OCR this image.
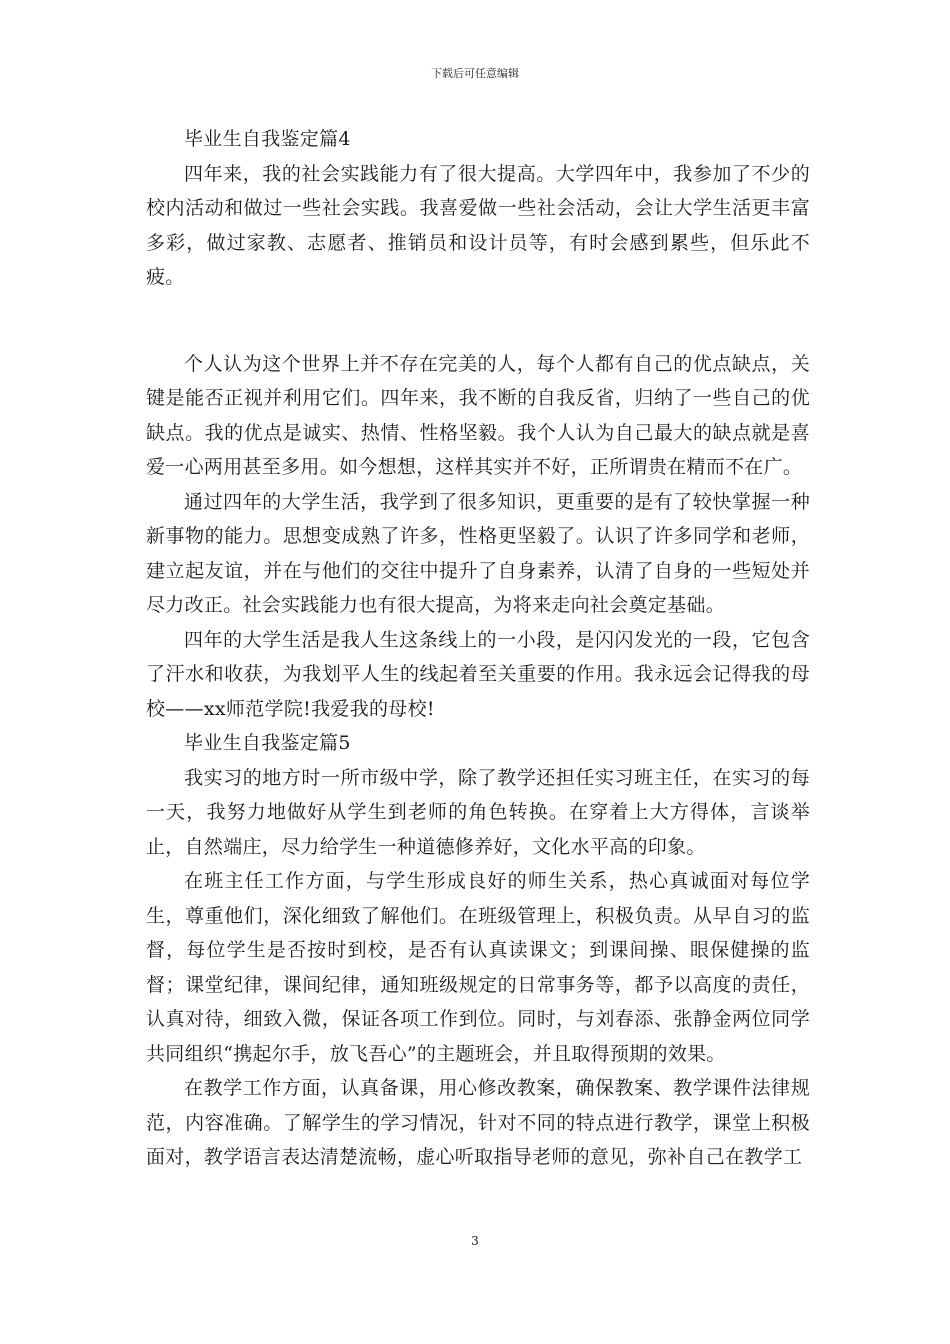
下载后可任意编辑

毕业生自我鉴定篇4

四年来，我的社会实践能力有了很大提高。大学四年中，我参加了不少的校内活动和做过一些社会实践。我喜爱做一些社会活动，会让大学生活更丰富多彩，做过家教、志愿者、推销员和设计员等，有时会感到累些，但乐此不疲。

个人认为这个世界上并不存在完美的人，每个人都有自己的优点缺点，关键是能否正视并利用它们。四年来，我不断的自我反省，归纳了一些自己的优缺点。我的优点是诚实、热情、性格坚毅。我个人认为自己最大的缺点就是喜爱一心两用甚至多用。如今想想，这样其实并不好，正所谓贵在精而不在广。

通过四年的大学生活，我学到了很多知识，更重要的是有了较快掌握一种新事物的能力。思想变成熟了许多，性格更坚毅了。认识了许多同学和老师，建立起友谊，并在与他们的交往中提升了自身素养，认清了自身的一些短处并尽力改正。社会实践能力也有很大提高，为将来走向社会奠定基础。

四年的大学生活是我人生这条线上的一小段，是闪闪发光的一段，它包含了汗水和收获，为我划平人生的线起着至关重要的作用。我永远会记得我的母校——xx师范学院!我爱我的母校!

毕业生自我鉴定篇5

我实习的地方时一所市级中学，除了教学还担任实习班主任，在实习的每一天，我努力地做好从学生到老师的角色转换。在穿着上大方得体，言谈举止，自然端庄，尽力给学生一种道德修养好，文化水平高的印象。

在班主任工作方面，与学生形成良好的师生关系，热心真诚面对每位学生，尊重他们，深化细致了解他们。在班级管理上，积极负责。从早自习的监督，每位学生是否按时到校，是否有认真读课文；到课间操、眼保健操的监督；课堂纪律，课间纪律，通知班级规定的日常事务等，都予以高度的责任，认真对待，细致入微，保证各项工作到位。同时，与刘春添、张静金两位同学共同组织“携起尔手，放飞吾心”的主题班会，并且取得预期的效果。

在教学工作方面，认真备课，用心修改教案，确保教案、教学课件法律规范，内容准确。了解学生的学习情况，针对不同的特点进行教学，课堂上积极面对，教学语言表达清楚流畅，虚心听取指导老师的意见，弥补自己在教学工

3
